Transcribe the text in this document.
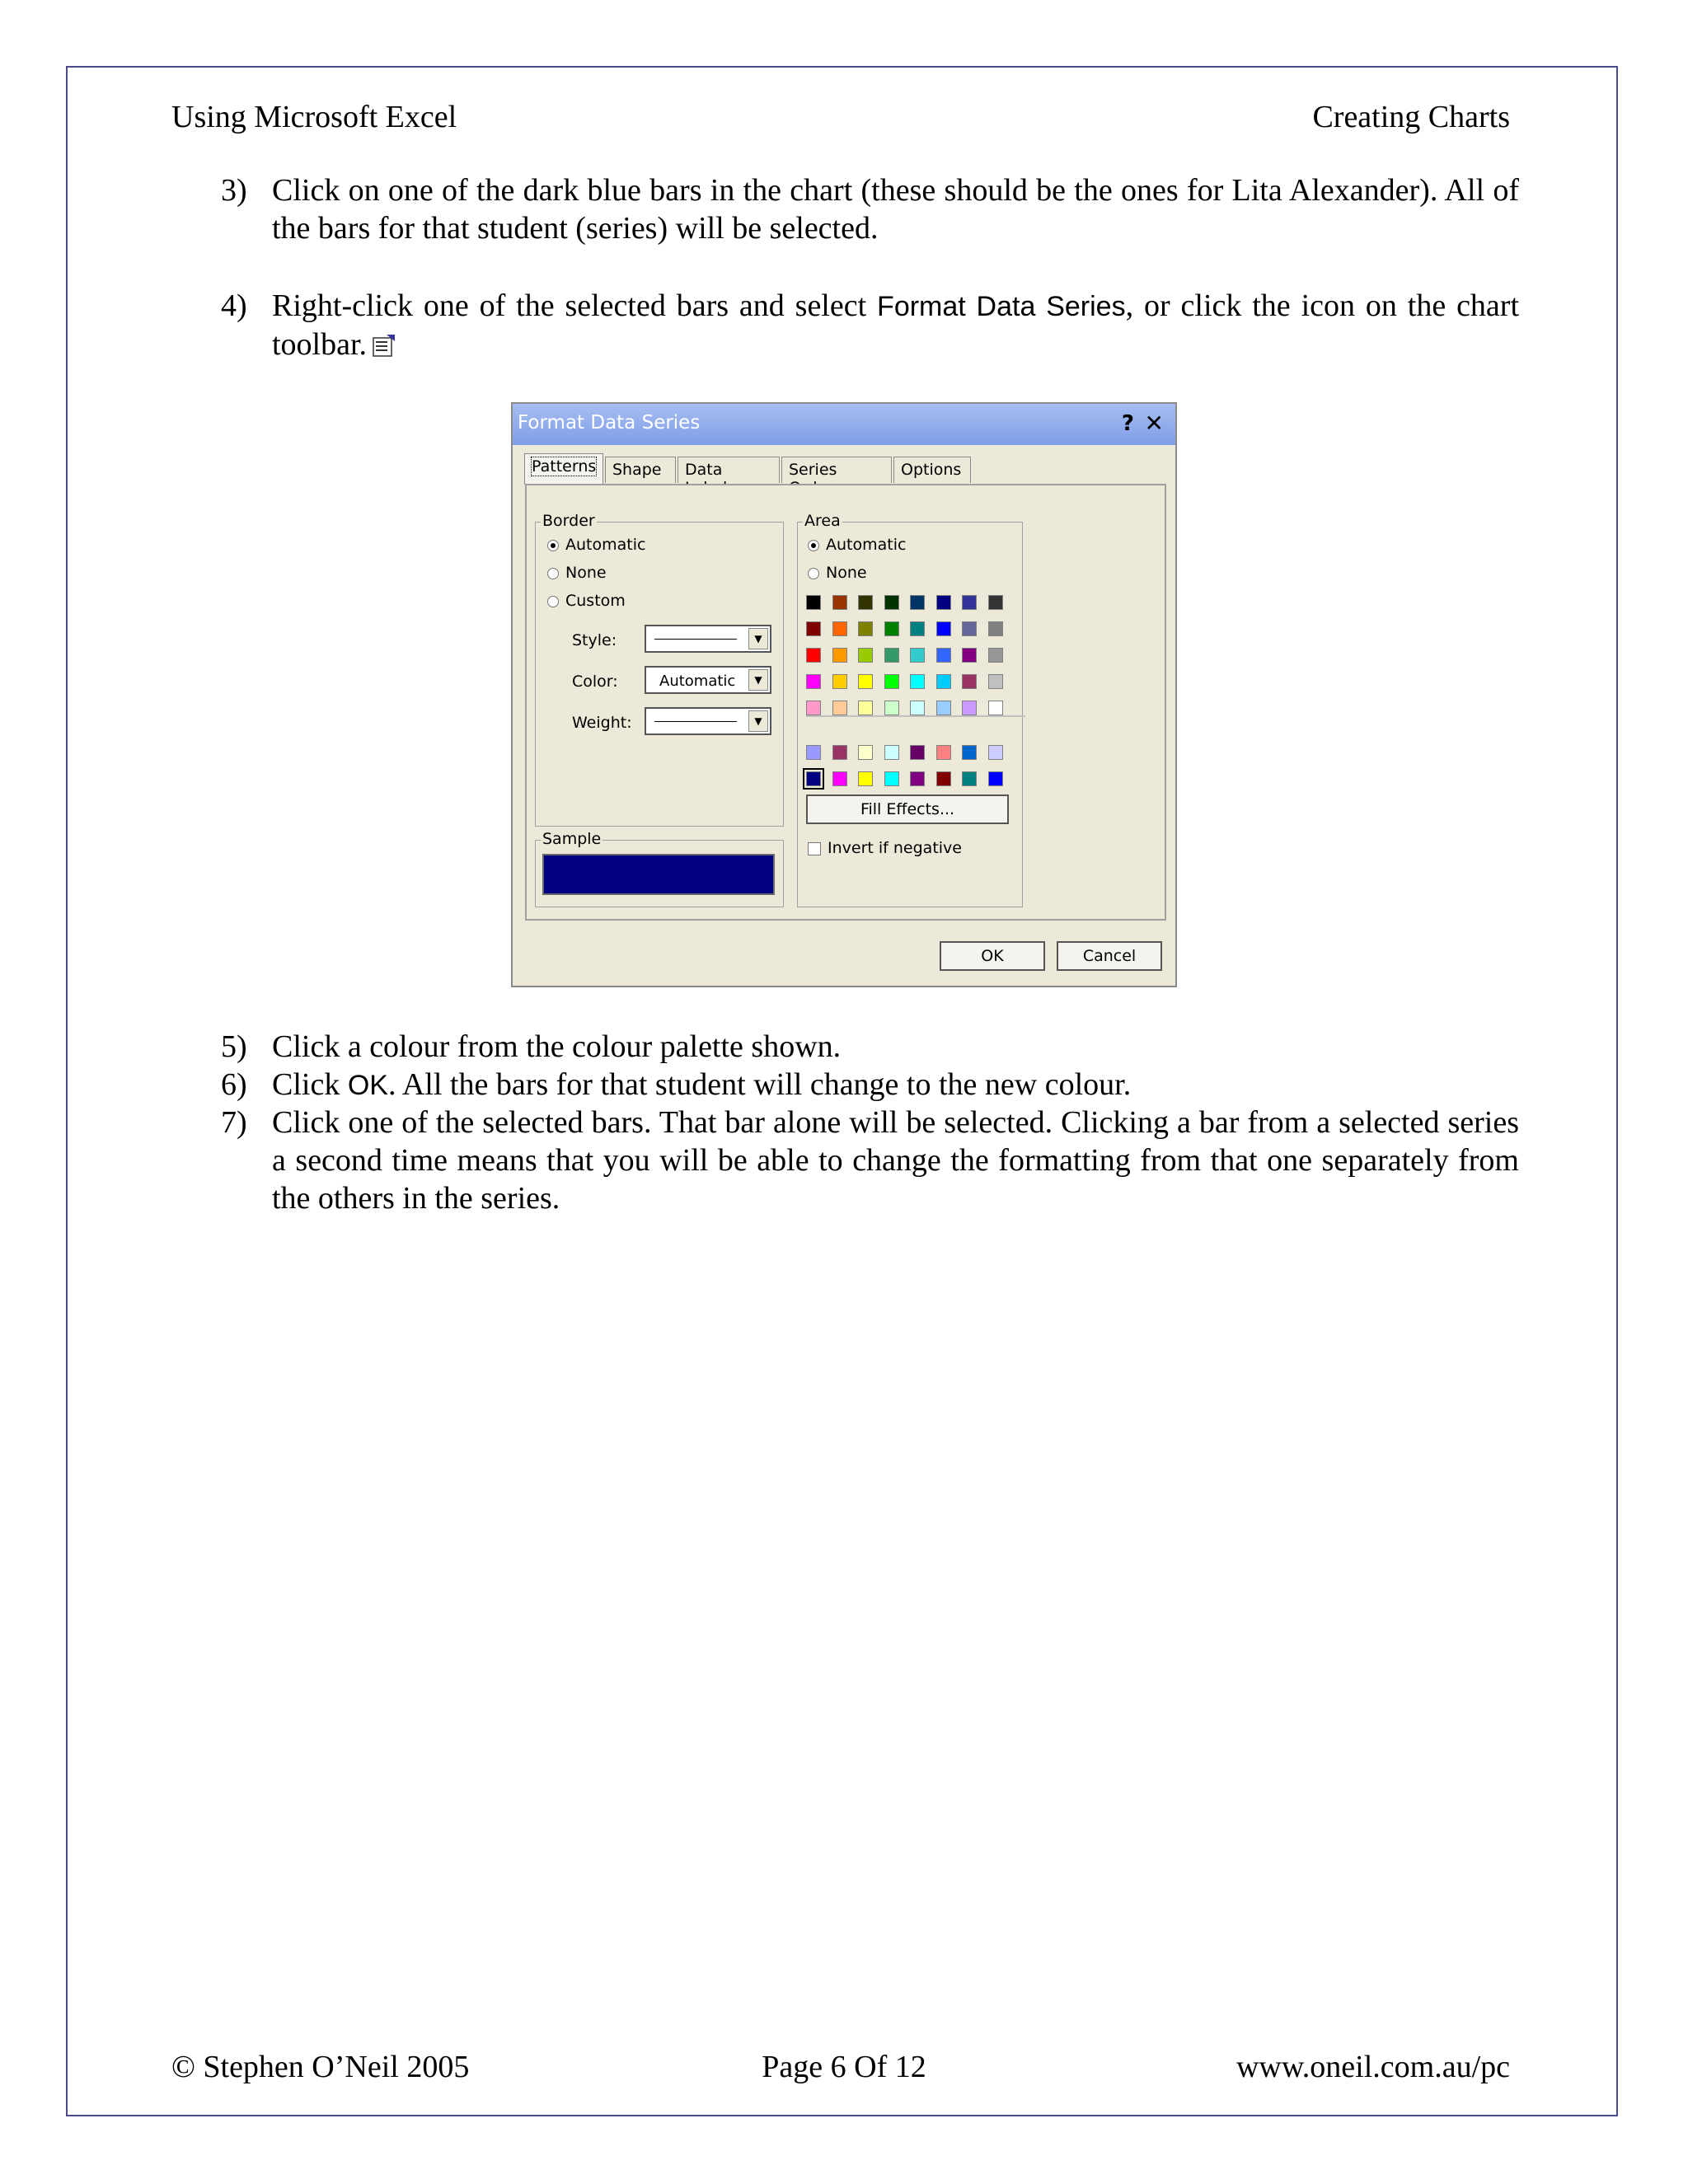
Using Microsoft Excel	Creating Charts
3) Click on one of the dark blue bars in the chart (these should be the ones for Lita Alexander). All of the bars for that student (series) will be selected.
4) Right-click one of the selected bars and select Format Data Series, or click the icon on the chart toolbar.
Format Data Series	? ✕
Patterns	Shape	Data	Series	Options
Border
Automatic
None
Custom
Style:	▼
Color:	Automatic	▼
Weight:	▼
Sample
Area
Automatic
None
Fill Effects...
Invert if negative
OK	Cancel
5) Click a colour from the colour palette shown.
6) Click OK. All the bars for that student will change to the new colour.
7) Click one of the selected bars. That bar alone will be selected. Clicking a bar from a selected series a second time means that you will be able to change the formatting from that one separately from the others in the series.
© Stephen O’Neil 2005	Page 6 Of 12	www.oneil.com.au/pc
